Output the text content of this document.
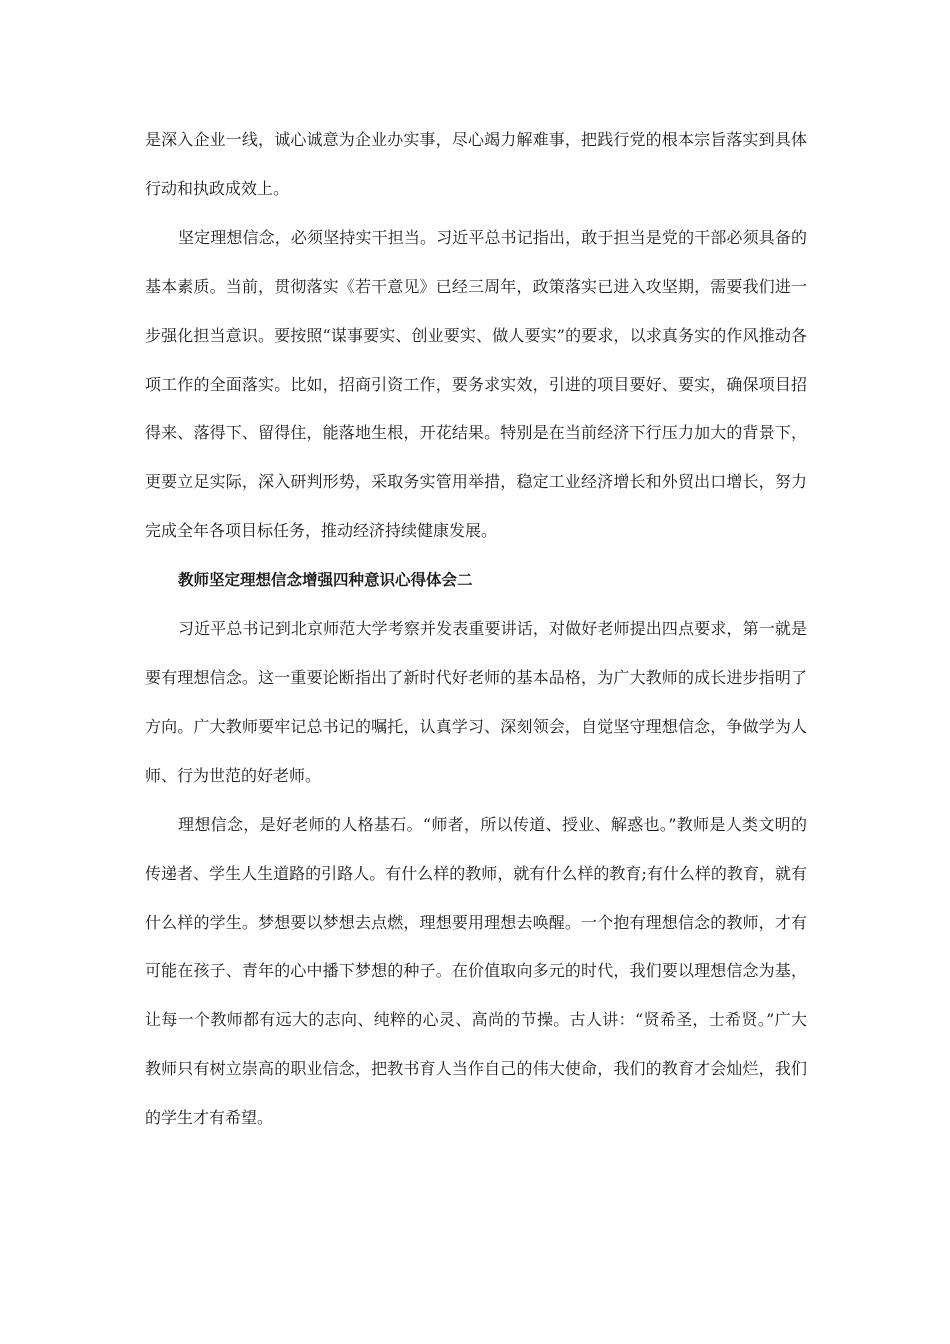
是深入企业一线，诚心诚意为企业办实事，尽心竭力解难事，把践行党的根本宗旨落实到具体行动和执政成效上。

坚定理想信念，必须坚持实干担当。习近平总书记指出，敢于担当是党的干部必须具备的基本素质。当前，贯彻落实《若干意见》已经三周年，政策落实已进入攻坚期，需要我们进一步强化担当意识。要按照“谋事要实、创业要实、做人要实”的要求，以求真务实的作风推动各项工作的全面落实。比如，招商引资工作，要务求实效，引进的项目要好、要实，确保项目招得来、落得下、留得住，能落地生根，开花结果。特别是在当前经济下行压力加大的背景下，更要立足实际，深入研判形势，采取务实管用举措，稳定工业经济增长和外贸出口增长，努力完成全年各项目标任务，推动经济持续健康发展。

教师坚定理想信念增强四种意识心得体会二

习近平总书记到北京师范大学考察并发表重要讲话，对做好老师提出四点要求，第一就是要有理想信念。这一重要论断指出了新时代好老师的基本品格，为广大教师的成长进步指明了方向。广大教师要牢记总书记的嘱托，认真学习、深刻领会，自觉坚守理想信念，争做学为人师、行为世范的好老师。

理想信念，是好老师的人格基石。“师者，所以传道、授业、解惑也。”教师是人类文明的传递者、学生人生道路的引路人。有什么样的教师，就有什么样的教育;有什么样的教育，就有什么样的学生。梦想要以梦想去点燃，理想要用理想去唤醒。一个抱有理想信念的教师，才有可能在孩子、青年的心中播下梦想的种子。在价值取向多元的时代，我们要以理想信念为基，让每一个教师都有远大的志向、纯粹的心灵、高尚的节操。古人讲：“贤希圣，士希贤。”广大教师只有树立崇高的职业信念，把教书育人当作自己的伟大使命，我们的教育才会灿烂，我们的学生才有希望。
